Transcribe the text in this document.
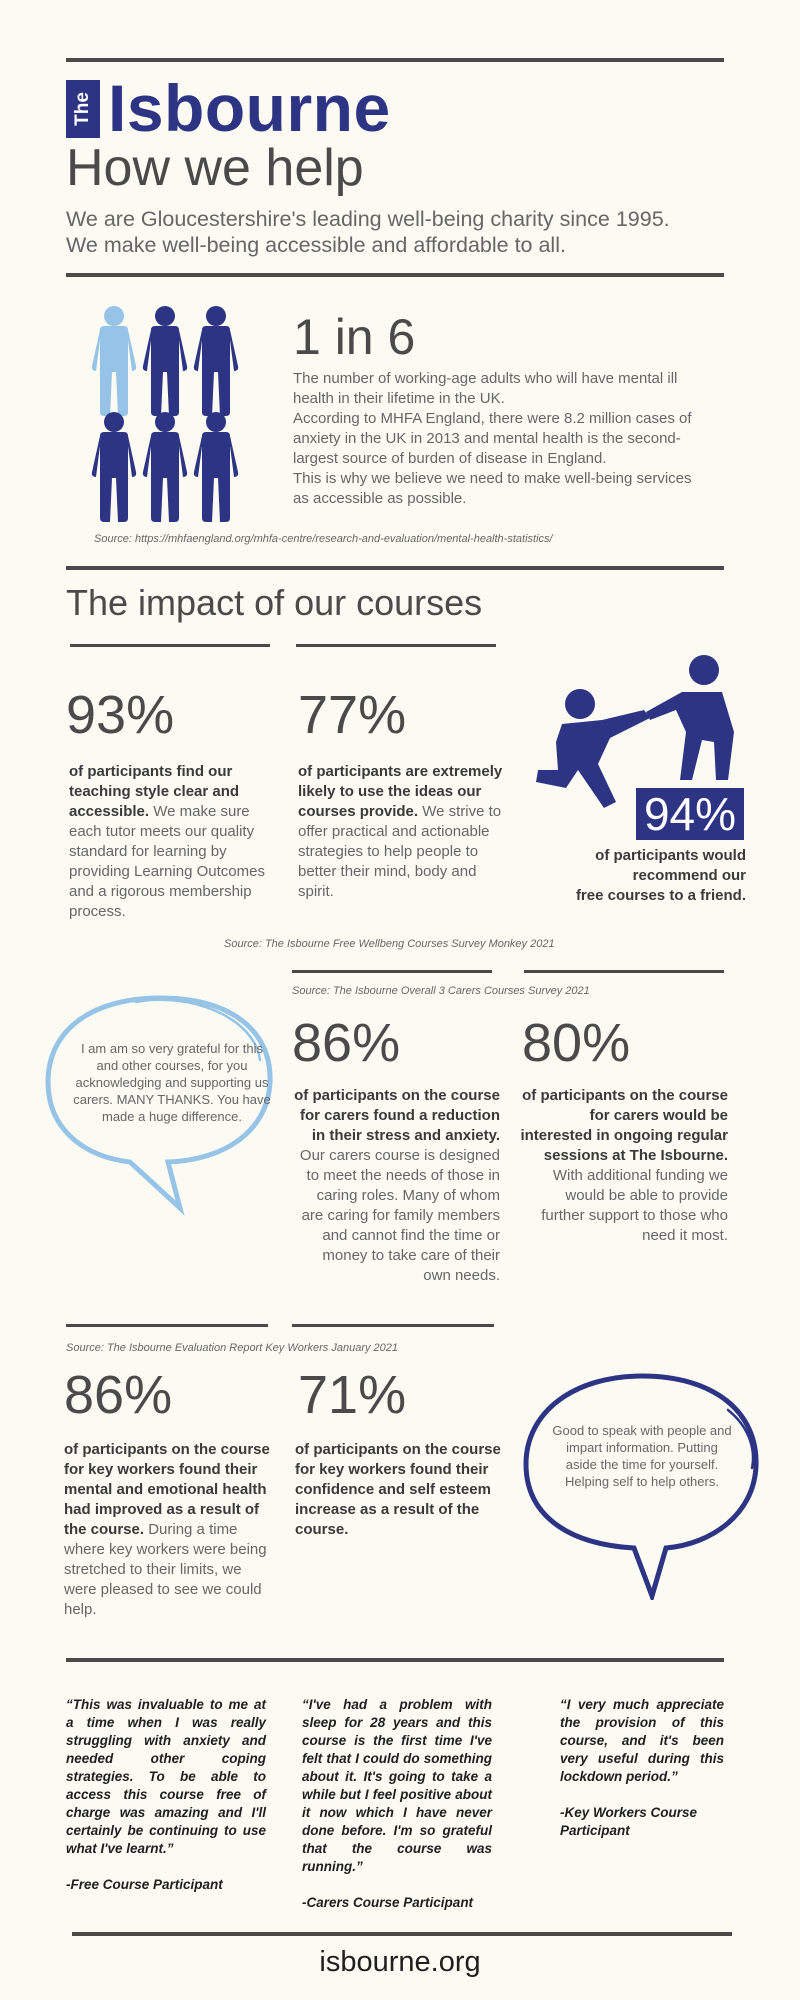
The Isbourne
How we help
We are Gloucestershire's leading well-being charity since 1995.
We make well-being accessible and affordable to all.
1 in 6
The number of working-age adults who will have mental ill health in their lifetime in the UK.
According to MHFA England, there were 8.2 million cases of anxiety in the UK in 2013 and mental health is the second-largest source of burden of disease in England.
This is why we believe we need to make well-being services as accessible as possible.
Source: https://mhfaengland.org/mhfa-centre/research-and-evaluation/mental-health-statistics/
The impact of our courses
93%
of participants find our teaching style clear and accessible. We make sure each tutor meets our quality standard for learning by providing Learning Outcomes and a rigorous membership process.
77%
of participants are extremely likely to use the ideas our courses provide. We strive to offer practical and actionable strategies to help people to better their mind, body and spirit.
94%
of participants would
recommend our
free courses to a friend.
Source: The Isbourne Free Wellbeng Courses Survey Monkey 2021
Source: The Isbourne Overall 3 Carers Courses Survey 2021
I am am so very grateful for this and other courses, for you acknowledging and supporting us carers. MANY THANKS. You have made a huge difference.
86%
of participants on the course for carers found a reduction in their stress and anxiety. Our carers course is designed to meet the needs of those in caring roles. Many of whom are caring for family members and cannot find the time or money to take care of their own needs.
80%
of participants on the course for carers would be interested in ongoing regular sessions at The Isbourne. With additional funding we would be able to provide further support to those who need it most.
Source: The Isbourne Evaluation Report Key Workers January 2021
86%
of participants on the course for key workers found their mental and emotional health had improved as a result of the course. During a time where key workers were being stretched to their limits, we were pleased to see we could help.
71%
of participants on the course for key workers found their confidence and self esteem increase as a result of the course.
Good to speak with people and impart information. Putting aside the time for yourself. Helping self to help others.
“This was invaluable to me at a time when I was really struggling with anxiety and needed other coping strategies. To be able to access this course free of charge was amazing and I'll certainly be continuing to use what I've learnt.”
-Free Course Participant
“I've had a problem with sleep for 28 years and this course is the first time I've felt that I could do something about it. It's going to take a while but I feel positive about it now which I have never done before. I'm so grateful that the course was running.”
-Carers Course Participant
“I very much appreciate the provision of this course, and it's been very useful during this lockdown period.”
-Key Workers Course Participant
isbourne.org
